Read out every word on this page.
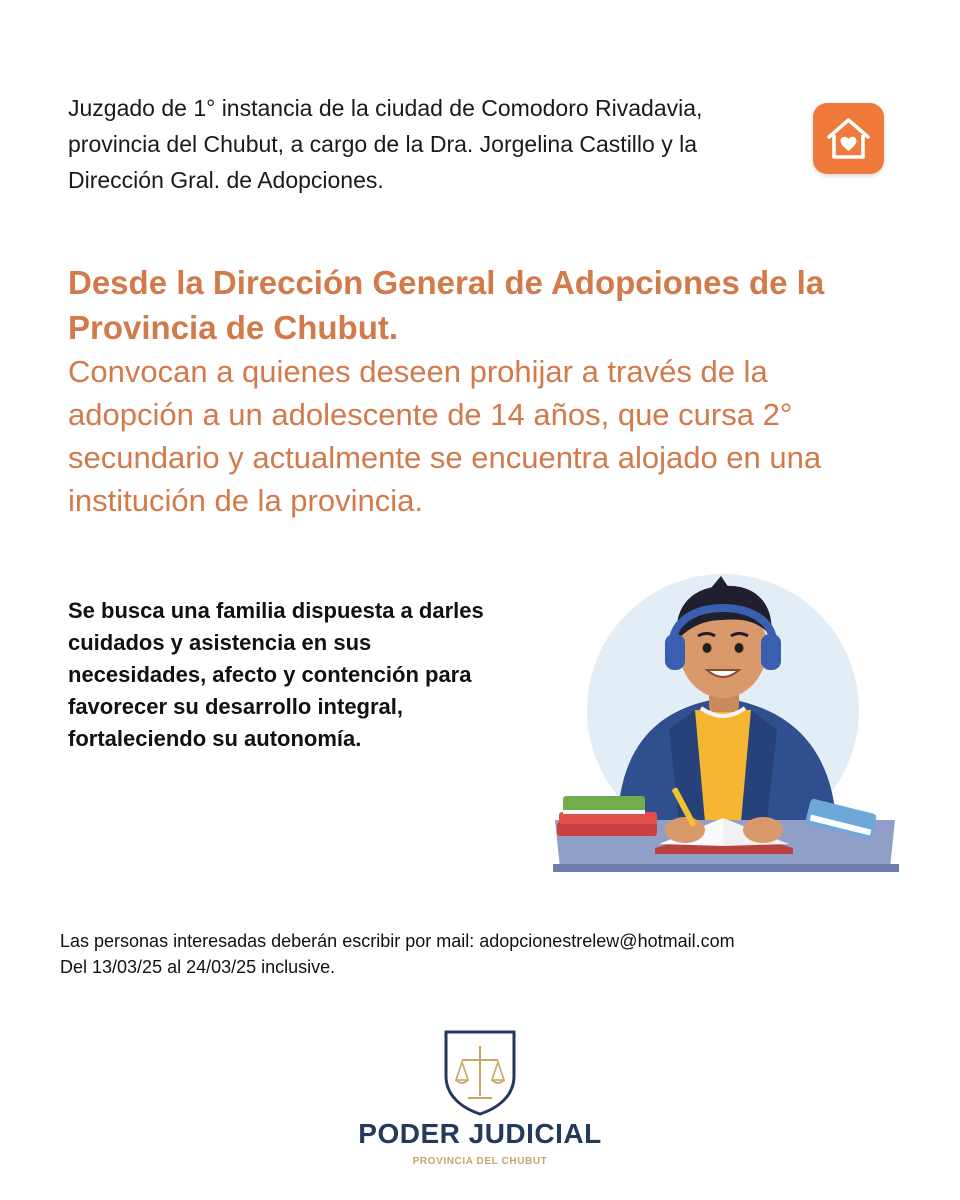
Juzgado de 1° instancia de la ciudad de Comodoro Rivadavia, provincia del Chubut, a cargo de la Dra. Jorgelina Castillo y la Dirección Gral. de Adopciones.

Desde la Dirección General de Adopciones de la Provincia de Chubut.

Convocan a quienes deseen prohijar a través de la adopción a un adolescente de 14 años, que cursa 2° secundario y actualmente se encuentra alojado en una institución de la provincia.

Se busca una familia dispuesta a darles cuidados y asistencia en sus necesidades, afecto y contención para favorecer su desarrollo integral, fortaleciendo su autonomía.

Las personas interesadas deberán escribir por mail: adopcionestrelew@hotmail.com

Del 13/03/25 al 24/03/25 inclusive.

PODER JUDICIAL

PROVINCIA DEL CHUBUT
